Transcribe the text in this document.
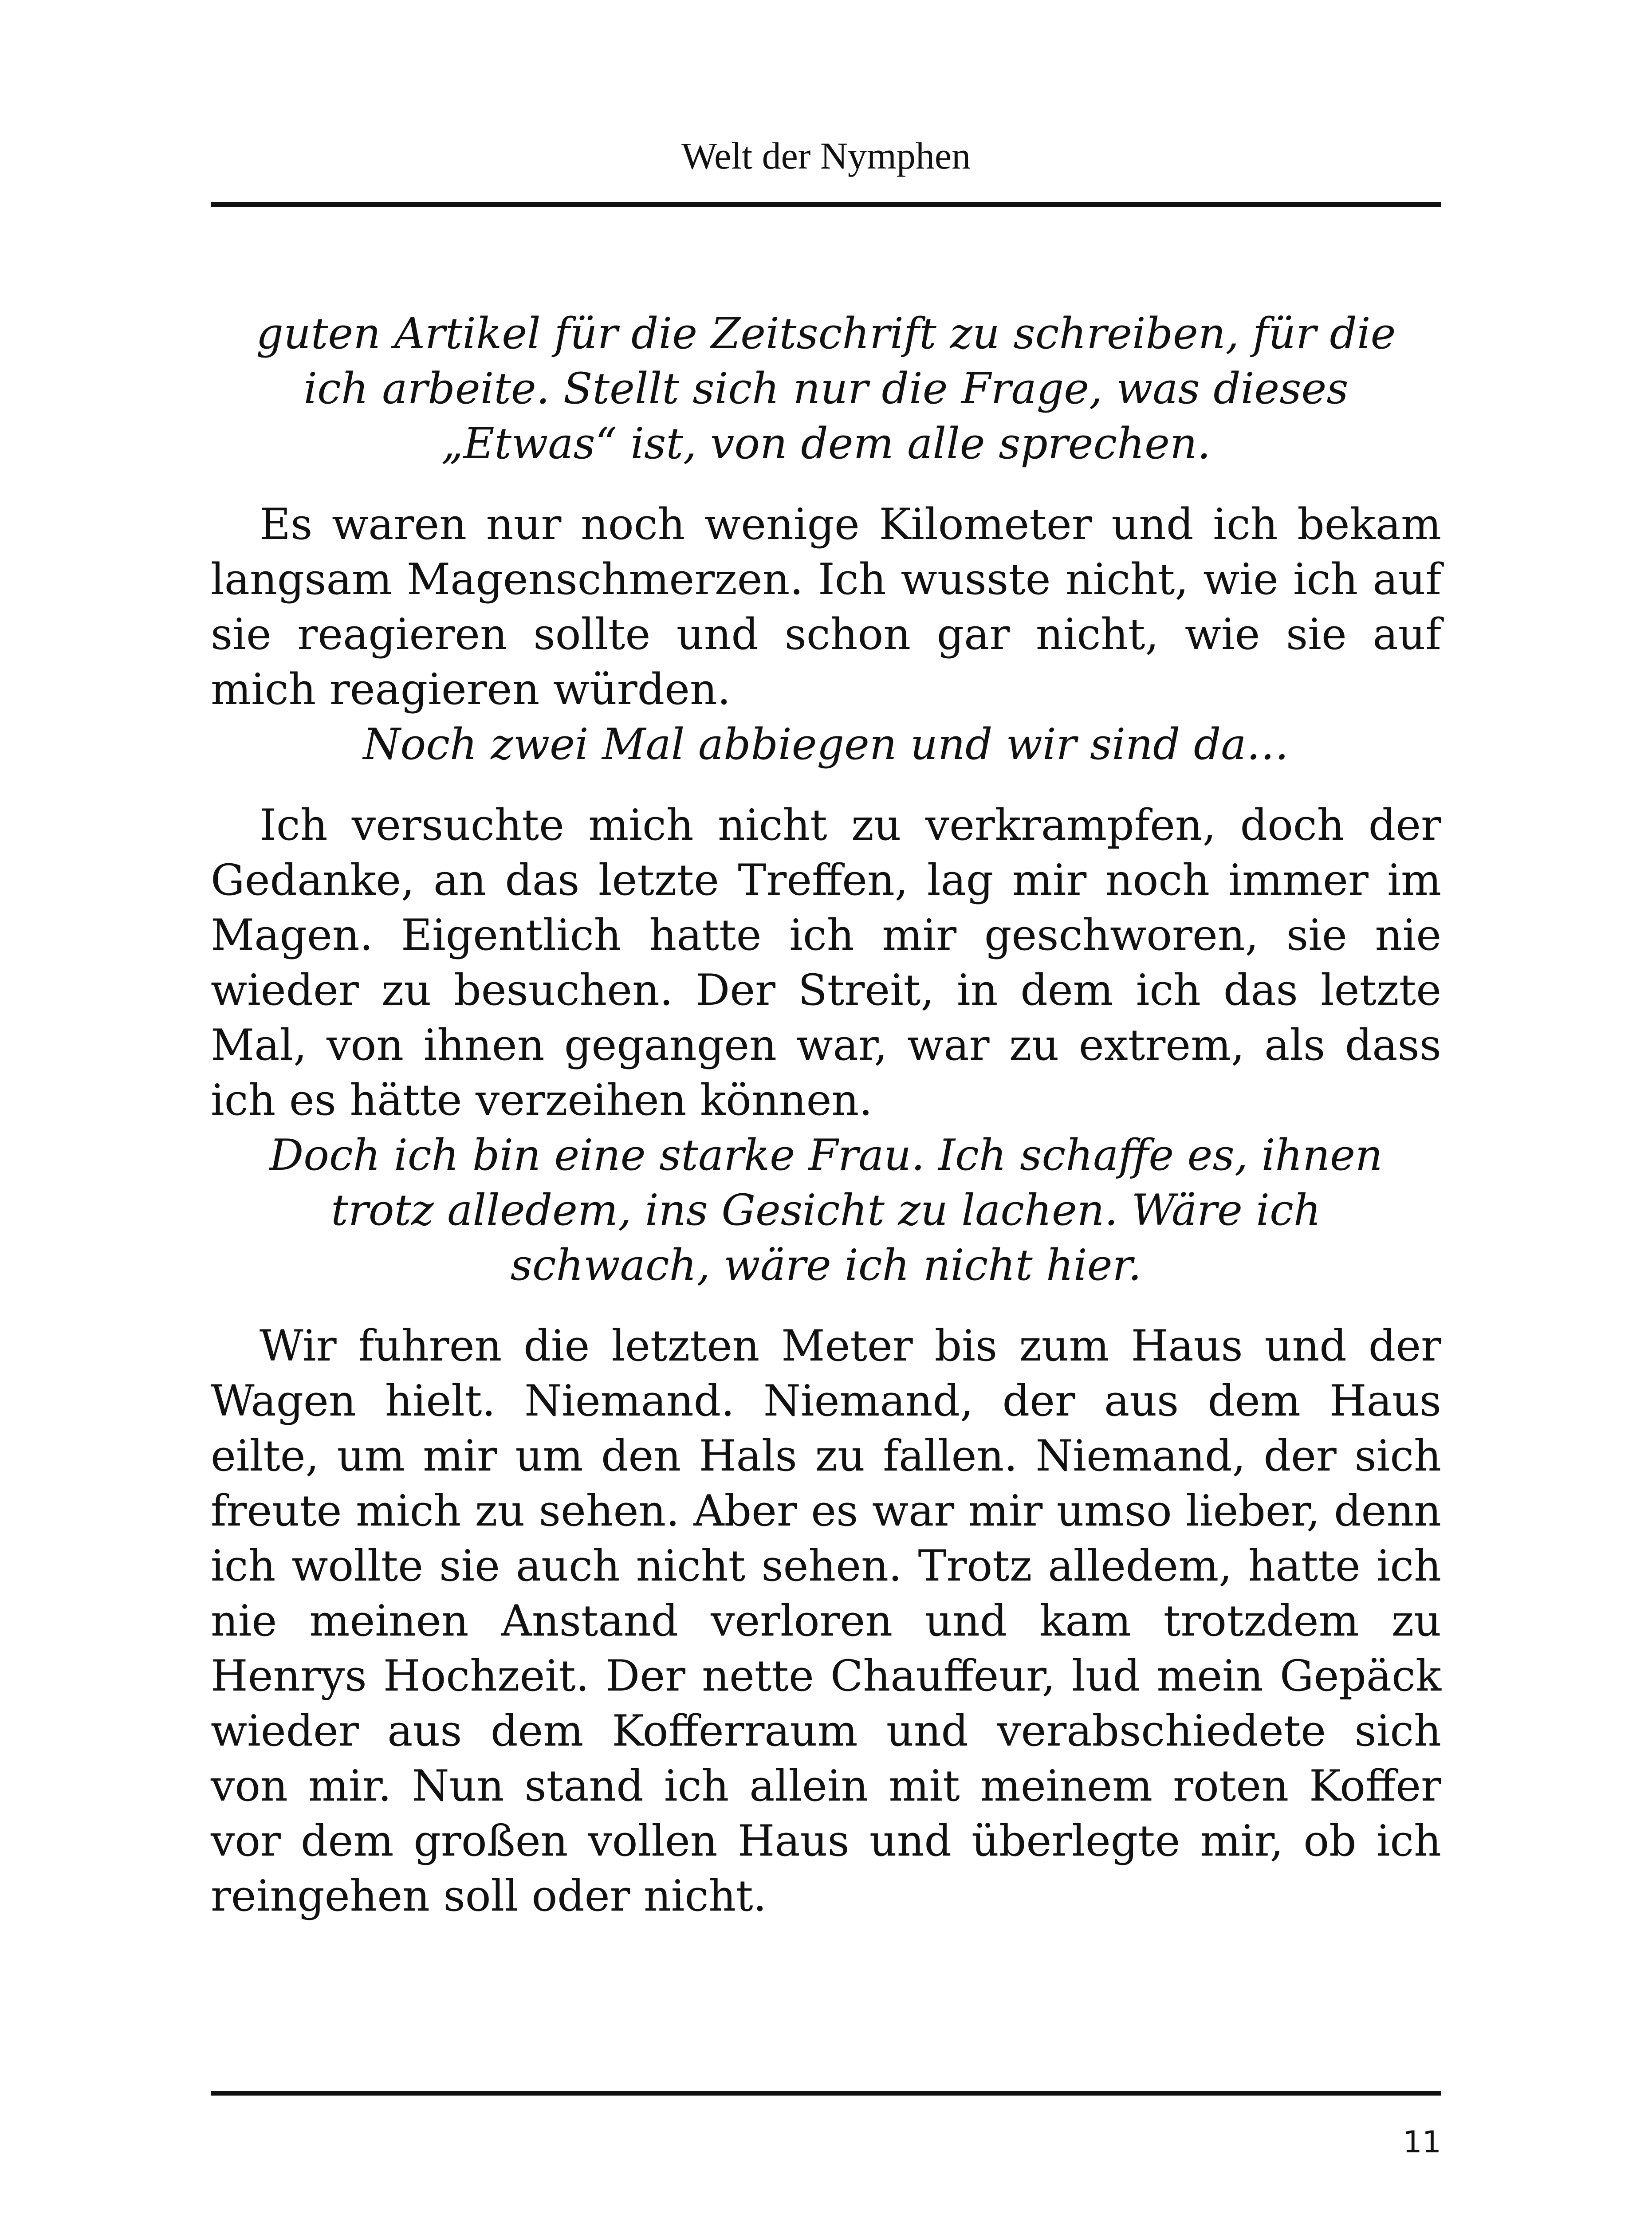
Welt der Nymphen

guten Artikel für die Zeitschrift zu schreiben, für die ich arbeite. Stellt sich nur die Frage, was dieses „Etwas“ ist, von dem alle sprechen.

Es waren nur noch wenige Kilometer und ich bekam langsam Magenschmerzen. Ich wusste nicht, wie ich auf sie reagieren sollte und schon gar nicht, wie sie auf mich reagieren würden.

Noch zwei Mal abbiegen und wir sind da…

Ich versuchte mich nicht zu verkrampfen, doch der Gedanke, an das letzte Treffen, lag mir noch immer im Magen. Eigentlich hatte ich mir geschworen, sie nie wieder zu besuchen. Der Streit, in dem ich das letzte Mal, von ihnen gegangen war, war zu extrem, als dass ich es hätte verzeihen können.

Doch ich bin eine starke Frau. Ich schaffe es, ihnen trotz alledem, ins Gesicht zu lachen. Wäre ich schwach, wäre ich nicht hier.

Wir fuhren die letzten Meter bis zum Haus und der Wagen hielt. Niemand. Niemand, der aus dem Haus eilte, um mir um den Hals zu fallen. Niemand, der sich freute mich zu sehen. Aber es war mir umso lieber, denn ich wollte sie auch nicht sehen. Trotz alledem, hatte ich nie meinen Anstand verloren und kam trotzdem zu Henrys Hochzeit. Der nette Chauffeur, lud mein Gepäck wieder aus dem Kofferraum und verabschiedete sich von mir. Nun stand ich allein mit meinem roten Koffer vor dem großen vollen Haus und überlegte mir, ob ich reingehen soll oder nicht.

11
